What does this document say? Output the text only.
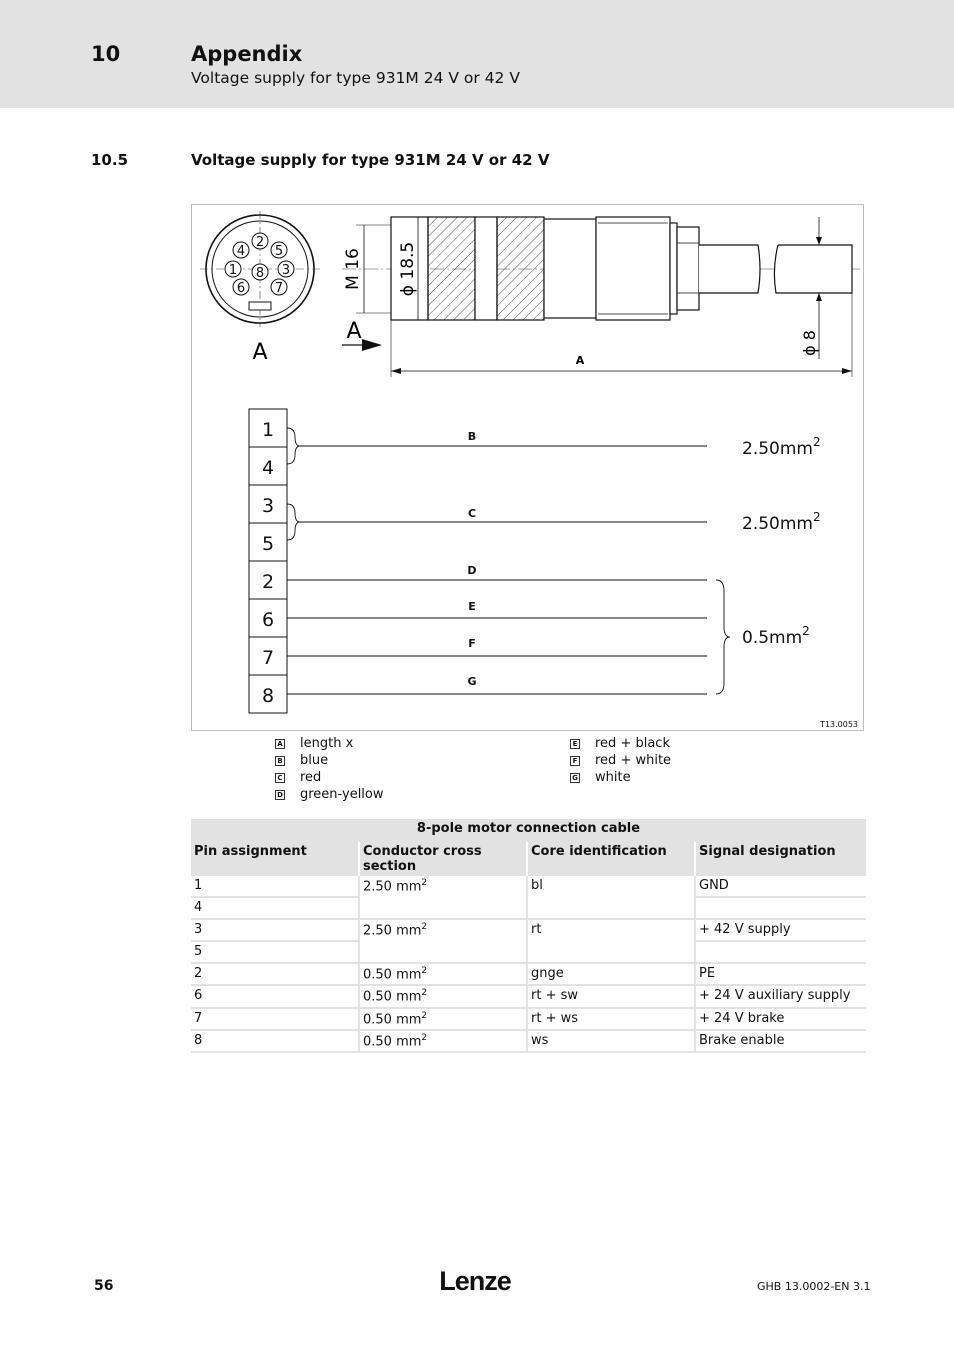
10	Appendix
Voltage supply for type 931M 24 V or 42 V
10.5	Voltage supply for type 931M 24 V or 42 V
2
4 5
1 8 3
6 7
A
M 16 ϕ 18.5
ϕ 8
A
A
1
4
3
5
2
6
7
8
B
C
D
E
F
G
$2.50mm^2$
$2.50mm^2$
$0.5mm^2$
T13.0053
A length x
B blue
C red
D green-yellow
E red + black
F red + white
G white
8-pole motor connection cable			
Pin assignment	Conductor cross section	Core identification	Signal designation
1	2.50 $mm^2$	bl	GND
4			
3	2.50 $mm^2$	rt	+ 42 V supply
5			
2	0.50 $mm^2$	gnge	PE
6	0.50 $mm^2$	rt + sw	+ 24 V auxiliary supply
7	0.50 $mm^2$	rt + ws	+ 24 V brake
8	0.50 $mm^2$	ws	Brake enable
56	Lenze	GHB 13.0002-EN 3.1
